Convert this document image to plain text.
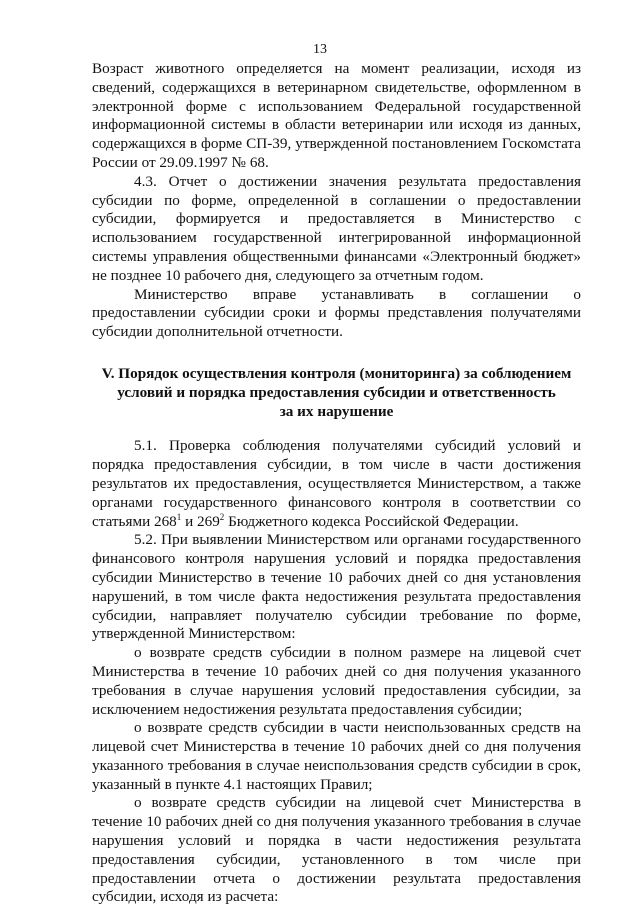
13

Возраст животного определяется на момент реализации, исходя из сведений, содержащихся в ветеринарном свидетельстве, оформленном в электронной форме с использованием Федеральной государственной информационной системы в области ветеринарии или исходя из данных, содержащихся в форме СП-39, утвержденной постановлением Госкомстата России от 29.09.1997 № 68.

4.3. Отчет о достижении значения результата предоставления субсидии по форме, определенной в соглашении о предоставлении субсидии, формируется и предоставляется в Министерство с использованием государственной интегрированной информационной системы управления общественными финансами «Электронный бюджет» не позднее 10 рабочего дня, следующего за отчетным годом.

Министерство вправе устанавливать в соглашении о предоставлении субсидии сроки и формы представления получателями субсидии дополнительной отчетности.

V. Порядок осуществления контроля (мониторинга) за соблюдением
условий и порядка предоставления субсидии и ответственность
за их нарушение

5.1. Проверка соблюдения получателями субсидий условий и порядка предоставления субсидии, в том числе в части достижения результатов их предоставления, осуществляется Министерством, а также органами государственного финансового контроля в соответствии со статьями $268^1$ и $269^2$ Бюджетного кодекса Российской Федерации.

5.2. При выявлении Министерством или органами государственного финансового контроля нарушения условий и порядка предоставления субсидии Министерство в течение 10 рабочих дней со дня установления нарушений, в том числе факта недостижения результата предоставления субсидии, направляет получателю субсидии требование по форме, утвержденной Министерством:

о возврате средств субсидии в полном размере на лицевой счет Министерства в течение 10 рабочих дней со дня получения указанного требования в случае нарушения условий предоставления субсидии, за исключением недостижения результата предоставления субсидии;

о возврате средств субсидии в части неиспользованных средств на лицевой счет Министерства в течение 10 рабочих дней со дня получения указанного требования в случае неиспользования средств субсидии в срок, указанный в пункте 4.1 настоящих Правил;

о возврате средств субсидии на лицевой счет Министерства в течение 10 рабочих дней со дня получения указанного требования в случае нарушения условий и порядка в части недостижения результата предоставления субсидии, установленного в том числе при предоставлении отчета о достижении результата предоставления субсидии, исходя из расчета:
